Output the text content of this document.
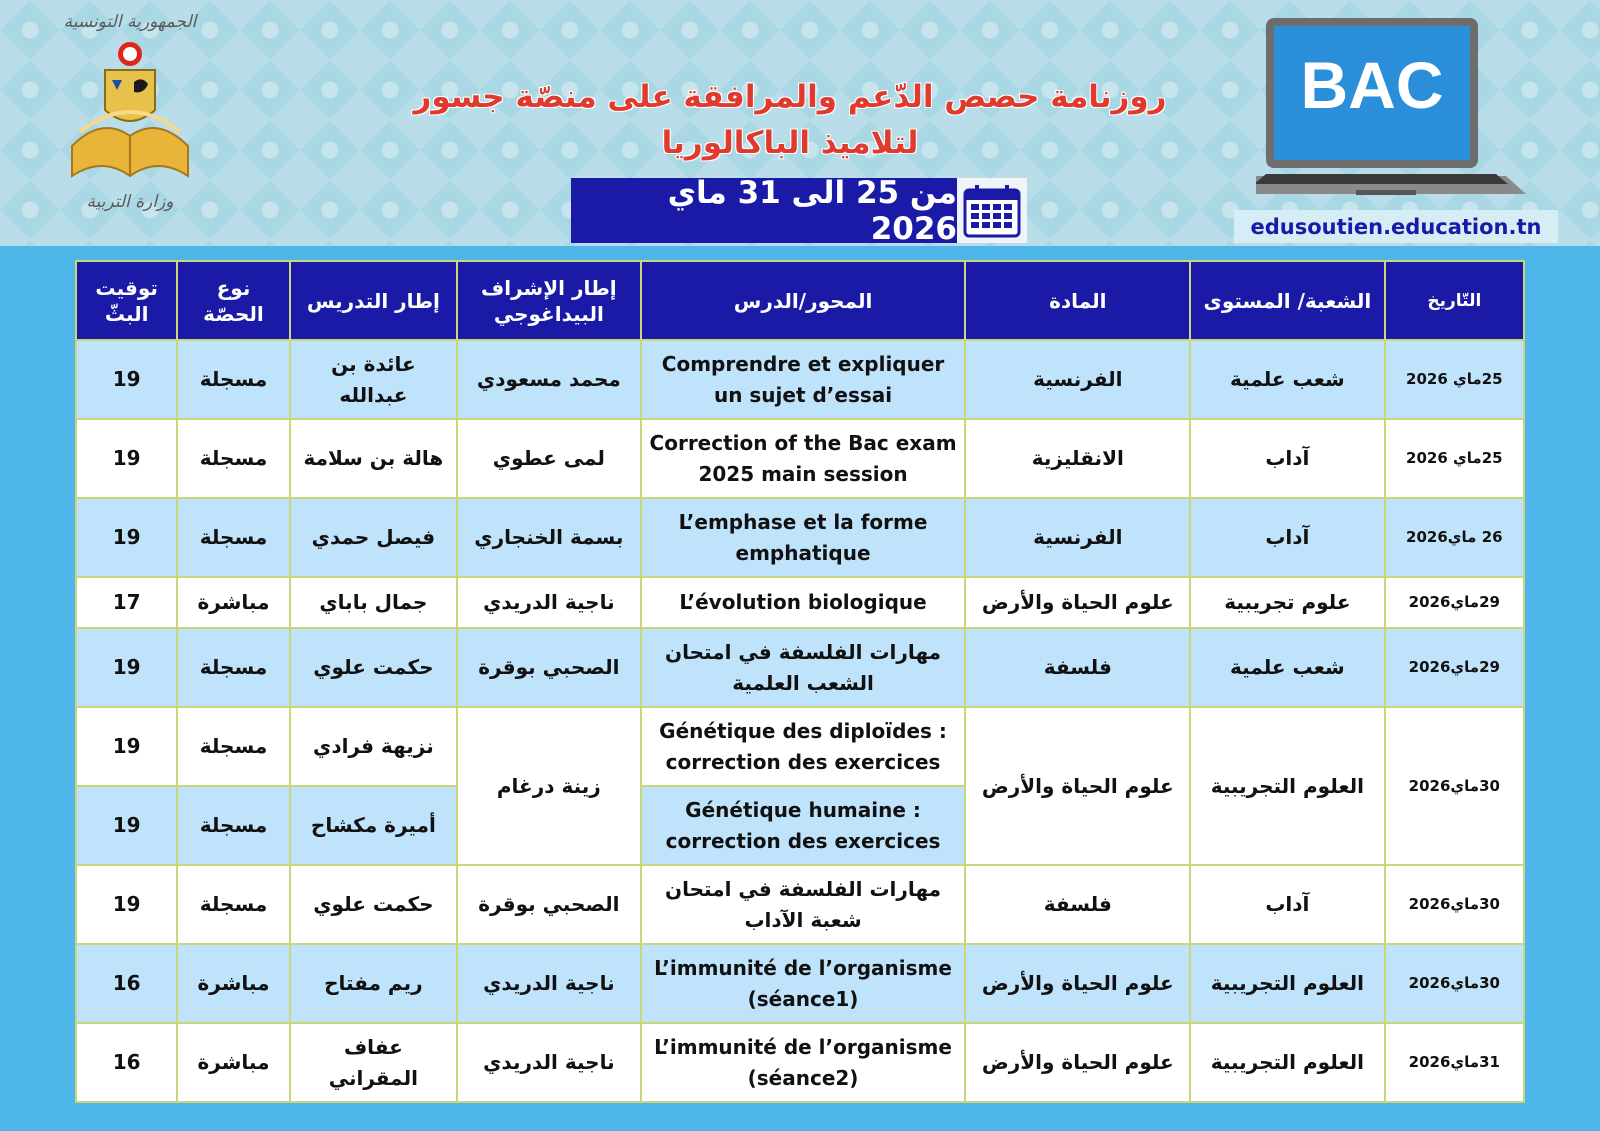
الجمهورية التونسية
وزارة التربية
روزنامة حصص الدّعم والمرافقة على منصّة جسور
لتلاميذ الباكالوريا
من 25 الى 31 ماي 2026
BAC
edusoutien.education.tn
التّاريخ	الشعبة/ المستوى	المادة	المحور/الدرس	إطار الإشراف البيداغوجي	إطار التدريس	نوع الحصّة	توقيت البثّ
25ماي 2026	شعب علمية	الفرنسية	Comprendre et expliquer un sujet d’essai	محمد مسعودي	عائدة بن عبدالله	مسجلة	19
25ماي 2026	آداب	الانقليزية	Correction of the Bac exam 2025 main session	لمى عطوي	هالة بن سلامة	مسجلة	19
26 ماي2026	آداب	الفرنسية	L’emphase et la forme emphatique	بسمة الخنجاري	فيصل حمدي	مسجلة	19
29ماي2026	علوم تجريبية	علوم الحياة والأرض	L’évolution biologique	ناجية الدريدي	جمال باباي	مباشرة	17
29ماي2026	شعب علمية	فلسفة	مهارات الفلسفة في امتحان الشعب العلمية	الصحبي بوقرة	حكمت علوي	مسجلة	19
30ماي2026	العلوم التجريبية	علوم الحياة والأرض	Génétique des diploïdes : correction des exercices	زينة درغام	نزيهة فرادي	مسجلة	19
			Génétique humaine : correction des exercices		أميرة مكشاح	مسجلة	19
30ماي2026	آداب	فلسفة	مهارات الفلسفة في امتحان شعبة الآداب	الصحبي بوقرة	حكمت علوي	مسجلة	19
30ماي2026	العلوم التجريبية	علوم الحياة والأرض	L’immunité de l’organisme (séance1)	ناجية الدريدي	ريم مفتاح	مباشرة	16
31ماي2026	العلوم التجريبية	علوم الحياة والأرض	L’immunité de l’organisme (séance2)	ناجية الدريدي	عفاف المقراني	مباشرة	16
